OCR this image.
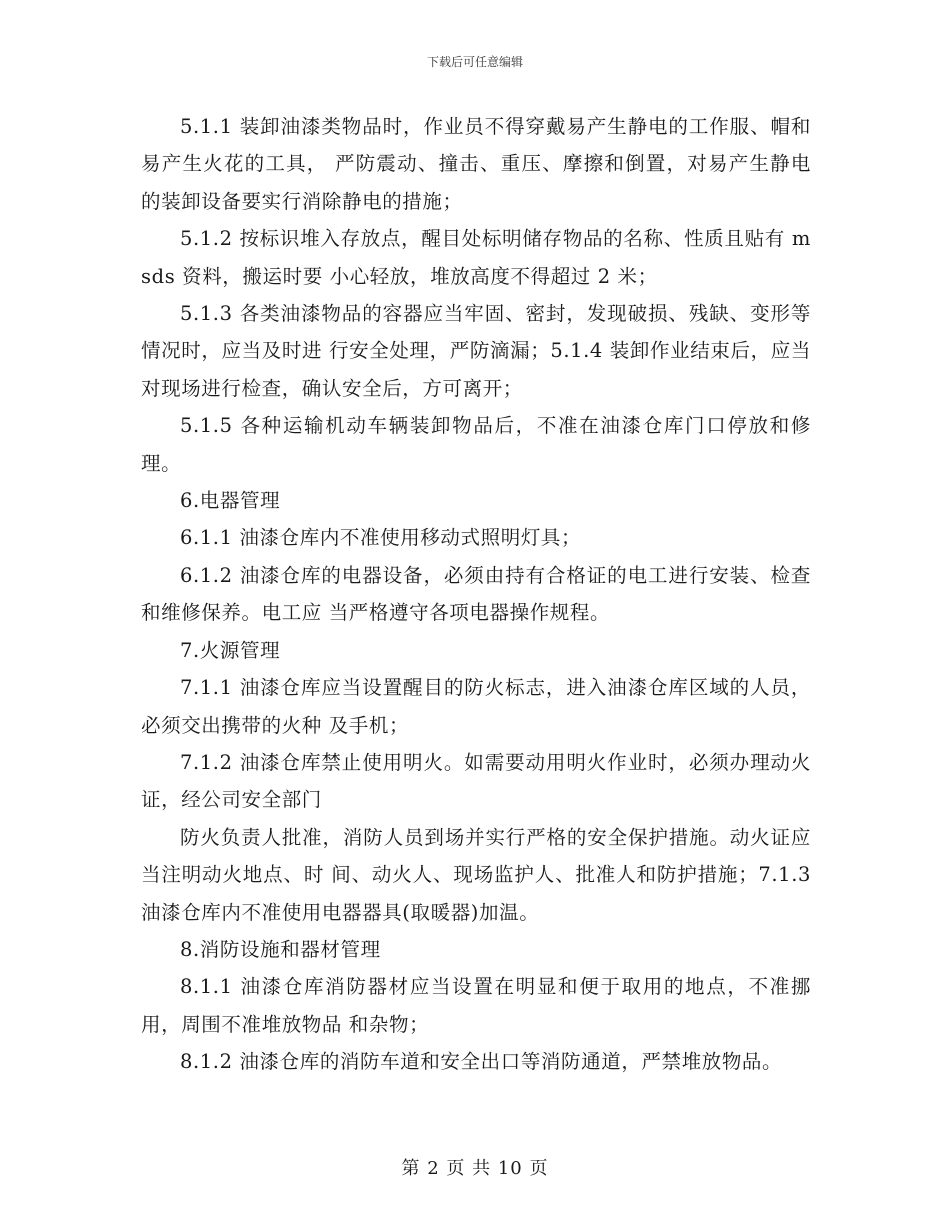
下载后可任意编辑

5.1.1 装卸油漆类物品时，作业员不得穿戴易产生静电的工作服、帽和易产生火花的工具， 严防震动、撞击、重压、摩擦和倒置，对易产生静电的装卸设备要实行消除静电的措施；

5.1.2 按标识堆入存放点，醒目处标明储存物品的名称、性质且贴有 msds 资料，搬运时要 小心轻放，堆放高度不得超过 2 米；

5.1.3 各类油漆物品的容器应当牢固、密封，发现破损、残缺、变形等情况时，应当及时进 行安全处理，严防滴漏；5.1.4 装卸作业结束后，应当对现场进行检查，确认安全后，方可离开；

5.1.5 各种运输机动车辆装卸物品后，不准在油漆仓库门口停放和修理。

6.电器管理

6.1.1 油漆仓库内不准使用移动式照明灯具；

6.1.2 油漆仓库的电器设备，必须由持有合格证的电工进行安装、检查和维修保养。电工应 当严格遵守各项电器操作规程。

7.火源管理

7.1.1 油漆仓库应当设置醒目的防火标志，进入油漆仓库区域的人员，必须交出携带的火种 及手机；

7.1.2 油漆仓库禁止使用明火。如需要动用明火作业时，必须办理动火证，经公司安全部门

防火负责人批准，消防人员到场并实行严格的安全保护措施。动火证应当注明动火地点、时 间、动火人、现场监护人、批准人和防护措施；7.1.3 油漆仓库内不准使用电器器具(取暖器)加温。

8.消防设施和器材管理

8.1.1 油漆仓库消防器材应当设置在明显和便于取用的地点，不准挪用，周围不准堆放物品 和杂物；

8.1.2 油漆仓库的消防车道和安全出口等消防通道，严禁堆放物品。

第 2 页 共 10 页
